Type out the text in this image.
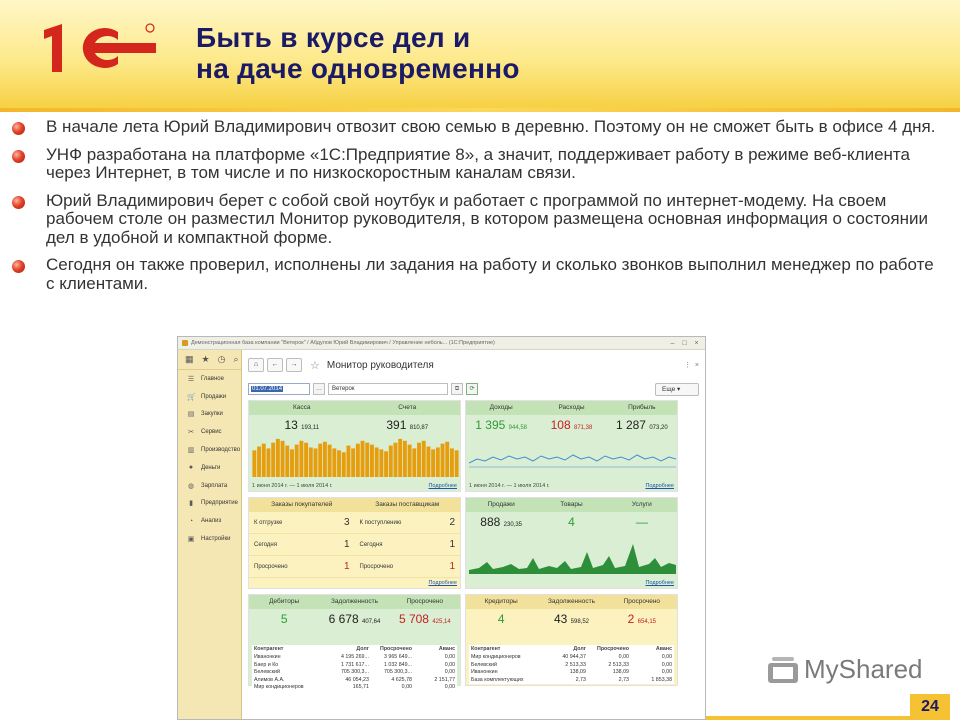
Быть в курсе дел и
на даче одновременно
В начале лета Юрий Владимирович отвозит свою семью в деревню. Поэтому он не сможет быть в офисе 4 дня.
УНФ разработана на платформе «1С:Предприятие 8», а значит, поддерживает работу в режиме веб-клиента через Интернет, в том числе и по низкоскоростным каналам связи.
Юрий Владимирович берет с собой свой ноутбук и работает с программой по интернет-модему. На своем рабочем столе он разместил Монитор руководителя, в котором размещена основная информация о состоянии дел в удобной и компактной форме.
Сегодня он также проверил, исполнены ли задания на работу и сколько звонков выполнил менеджер по работе с клиентами.
Демонстрационная база компании "Ветерок" / Абдулов Юрий Владимирович / Управление неболь... (1С:Предприятие)	–	□	×
▦ ★ ◷ ⌕
☰ Главное
🛒 Продажи
▤ Закупки
✂ Сервис
▥ Производство
●	Деньги
◍ Зарплата
▮	Предприятие
◔	Анализ
▣ Настройки
⌂	←	→	☆ Монитор руководителя	⋮ ×
01.07.2014	…	Ветерок	⧉	⟳	Еще ▾
Касса	Счета
13 193,11	391 810,87
1 июня 2014 г. — 1 июля 2014 г.	Подробнее
Доходы	Расходы	Прибыль
1 395 944,58	108 871,38	1 287 073,20
1 июня 2014 г. — 1 июля 2014 г.	Подробнее
Заказы покупателей	Заказы поставщикам
К отгрузке	3
Сегодня	1
Просрочено	1
К поступлению	2
Сегодня	1
Просрочено	1
Подробнее
Продажи	Товары	Услуги
888 230,35	4	—
Подробнее
Дебиторы	Задолженность	Просрочено
5	6 678 407,64	5 708 425,14
Контрагент	Долг	Просрочено	Аванс
Иванонкин	4 195 269...	3 965 649...	0,00
Баер и Ко	1 731 617...	1 032 849...	0,00
Белевский	705 300,3...	705 300,3...	0,00
Алимов А.А.	46 054,23	4 625,78	2 151,77
Мир кондиционеров	165,71	0,00	0,00
Кредиторы	Задолженность	Просрочено
4	43 598,52	2 654,15
Контрагент	Долг	Просрочено	Аванс
Мир кондиционеров	40 944,37	0,00	0,00
Белевский	2 513,33	2 513,33	0,00
Иванонкин	138,09	138,09	0,00
База комплектующих	2,73	2,73	1 853,38	MyShared
24
